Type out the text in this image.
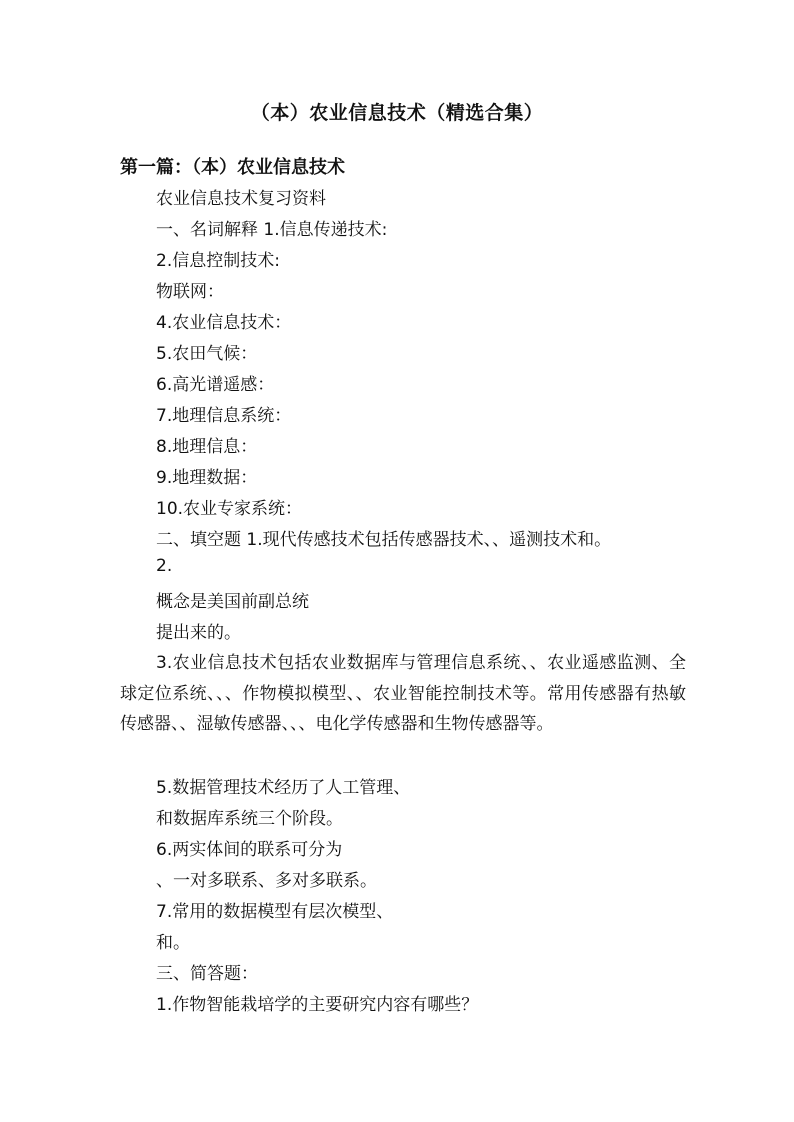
（本）农业信息技术（精选合集）
第一篇：（本）农业信息技术
农业信息技术复习资料
一、名词解释 1.信息传递技术:
2.信息控制技术:
物联网：
4.农业信息技术：
5.农田气候：
6.高光谱遥感：
7.地理信息系统：
8.地理信息：
9.地理数据：
10.农业专家系统：
二、填空题 1.现代传感技术包括传感器技术、、遥测技术和。
2.
概念是美国前副总统
提出来的。
3.农业信息技术包括农业数据库与管理信息系统、、农业遥感监测、全球定位系统、、、作物模拟模型、、农业智能控制技术等。常用传感器有热敏传感器、、湿敏传感器、、、电化学传感器和生物传感器等。
5.数据管理技术经历了人工管理、
和数据库系统三个阶段。
6.两实体间的联系可分为
、一对多联系、多对多联系。
7.常用的数据模型有层次模型、
和。
三、简答题：
1.作物智能栽培学的主要研究内容有哪些？
